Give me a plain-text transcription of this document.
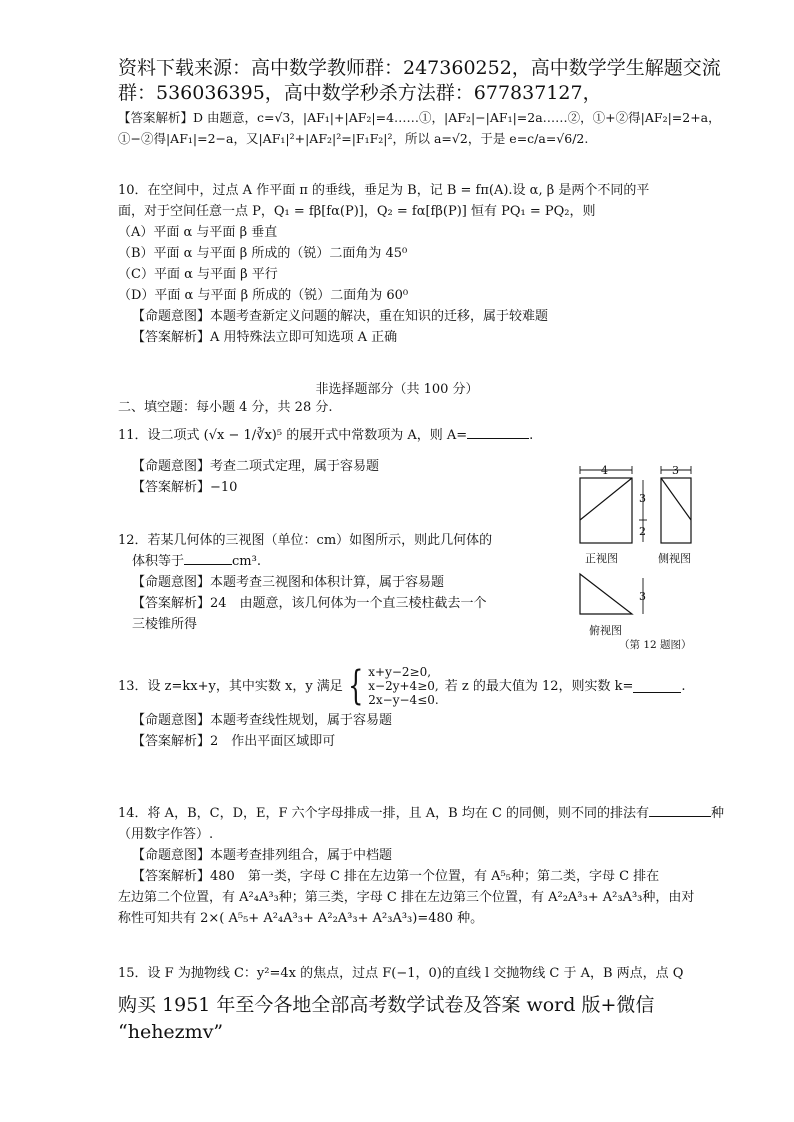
资料下载来源：高中数学教师群：247360252，高中数学学生解题交流
群：536036395，高中数学秒杀方法群：677837127，
【答案解析】D 由题意，c=√3，|AF₁|+|AF₂|=4……①，|AF₂|−|AF₁|=2a……②，①+②得|AF₂|=2+a，
①−②得|AF₁|=2−a，又|AF₁|²+|AF₂|²=|F₁F₂|²，所以 a=√2，于是 e=c/a=√6/2.
10．在空间中，过点 A 作平面 π 的垂线，垂足为 B，记 B = fπ(A).设 α, β 是两个不同的平
面，对于空间任意一点 P，Q₁ = fβ[fα(P)]，Q₂ = fα[fβ(P)] 恒有 PQ₁ = PQ₂，则
（A）平面 α 与平面 β 垂直
（B）平面 α 与平面 β 所成的（锐）二面角为 45⁰
（C）平面 α 与平面 β 平行
（D）平面 α 与平面 β 所成的（锐）二面角为 60⁰
【命题意图】本题考查新定义问题的解决，重在知识的迁移，属于较难题
【答案解析】A 用特殊法立即可知选项 A 正确
非选择题部分（共 100 分）
二、填空题：每小题 4 分，共 28 分.
11．设二项式 (√x − 1/∛x)⁵ 的展开式中常数项为 A，则 A=	.
【命题意图】考查二项式定理，属于容易题
【答案解析】−10
12．若某几何体的三视图（单位：cm）如图所示，则此几何体的
体积等于	cm³.
【命题意图】本题考查三视图和体积计算，属于容易题
【答案解析】24　由题意，该几何体为一个直三棱柱截去一个
三棱锥所得
4	3
3
2
3
正视图	侧视图
俯视图
（第 12 题图）
13．设 z=kx+y，其中实数 x，y 满足 { x+y−2≥0,
x−2y+4≥0,
2x−y−4≤0.
若 z 的最大值为 12，则实数 k=	.
【命题意图】本题考查线性规划，属于容易题
【答案解析】2　作出平面区域即可
14．将 A，B，C，D，E，F 六个字母排成一排，且 A，B 均在 C 的同侧，则不同的排法有	种
（用数字作答）.
【命题意图】本题考查排列组合，属于中档题
【答案解析】480　第一类，字母 C 排在左边第一个位置，有 A⁵₅种；第二类，字母 C 排在
左边第二个位置，有 A²₄A³₃种；第三类，字母 C 排在左边第三个位置，有 A²₂A³₃+ A²₃A³₃种，由对
称性可知共有 2×( A⁵₅+ A²₄A³₃+ A²₂A³₃+ A²₃A³₃)=480 种。
15．设 F 为抛物线 C：y²=4x 的焦点，过点 F(−1，0)的直线 l 交抛物线 C 于 A，B 两点，点 Q
购买 1951 年至今各地全部高考数学试卷及答案 word 版+微信
“hehezmv”
